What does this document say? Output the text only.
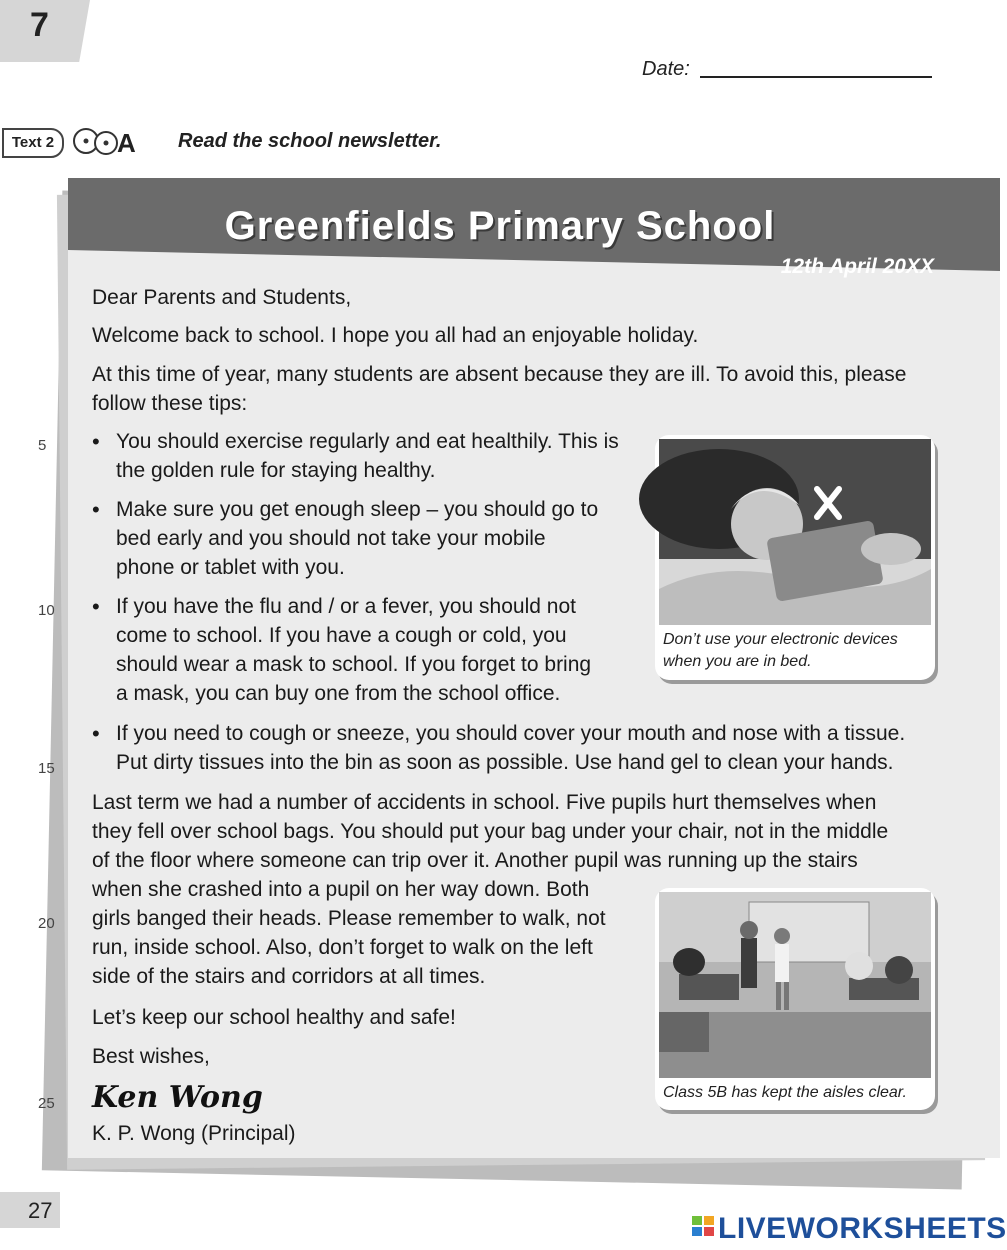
7
Date:
Text 2	A Read the school newsletter.
Greenfields Primary School
12th April 20XX
5
10
15
20
25
Dear Parents and Students,
Welcome back to school. I hope you all had an enjoyable holiday.
At this time of year, many students are absent because they are ill. To avoid this, please
follow these tips:
• You should exercise regularly and eat healthily. This is
the golden rule for staying healthy.
• Make sure you get enough sleep – you should go to
bed early and you should not take your mobile
phone or tablet with you.
• If you have the flu and / or a fever, you should not
come to school. If you have a cough or cold, you
should wear a mask to school. If you forget to bring
a mask, you can buy one from the school office.
• If you need to cough or sneeze, you should cover your mouth and nose with a tissue.
Put dirty tissues into the bin as soon as possible. Use hand gel to clean your hands.
Last term we had a number of accidents in school. Five pupils hurt themselves when
they fell over school bags. You should put your bag under your chair, not in the middle
of the floor where someone can trip over it. Another pupil was running up the stairs
when she crashed into a pupil on her way down. Both
girls banged their heads. Please remember to walk, not
run, inside school. Also, don’t forget to walk on the left
side of the stairs and corridors at all times.
Let’s keep our school healthy and safe!
Best wishes,
Ken Wong
K. P. Wong (Principal)
Don’t use your electronic devices
when you are in bed.
Class 5B has kept the aisles clear.
27
LIVEWORKSHEETS
